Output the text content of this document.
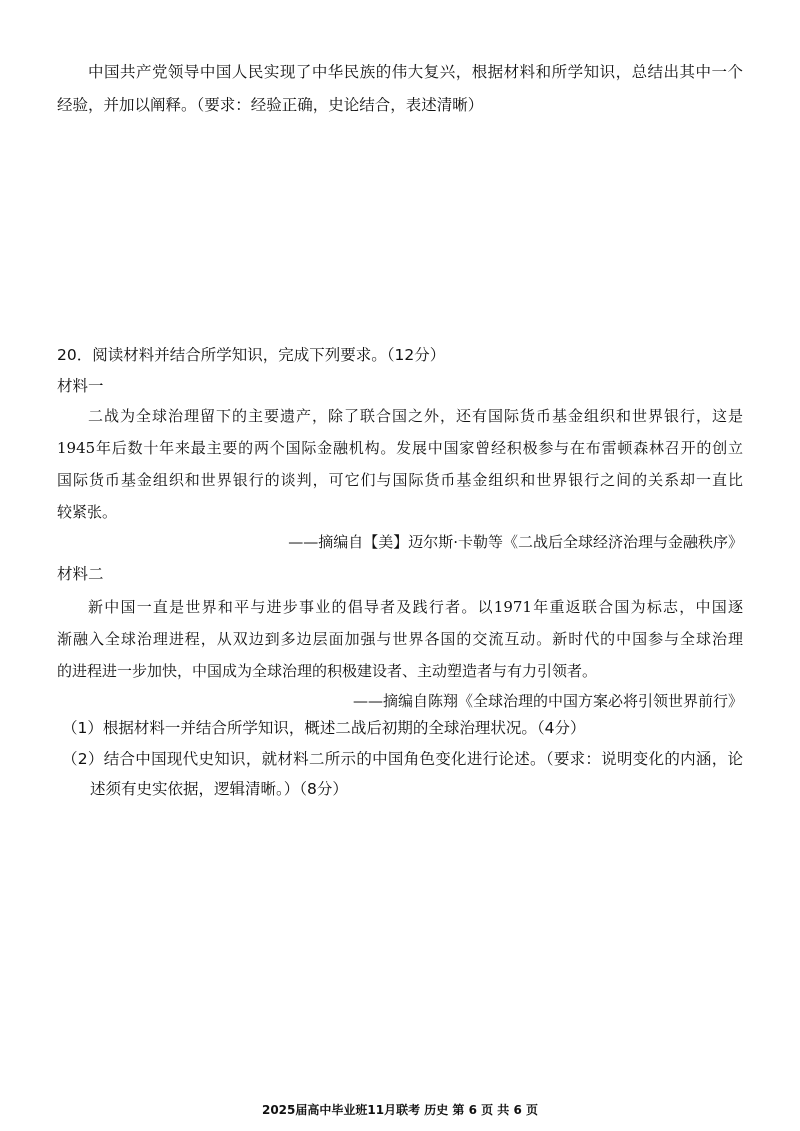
中国共产党领导中国人民实现了中华民族的伟大复兴，根据材料和所学知识，总结出其中一个
经验，并加以阐释。（要求：经验正确，史论结合，表述清晰）
20．阅读材料并结合所学知识，完成下列要求。（12分）
材料一
二战为全球治理留下的主要遗产，除了联合国之外，还有国际货币基金组织和世界银行，这是
1945年后数十年来最主要的两个国际金融机构。发展中国家曾经积极参与在布雷顿森林召开的创立
国际货币基金组织和世界银行的谈判，可它们与国际货币基金组织和世界银行之间的关系却一直比
较紧张。
——摘编自【美】迈尔斯·卡勒等《二战后全球经济治理与金融秩序》
材料二
新中国一直是世界和平与进步事业的倡导者及践行者。以1971年重返联合国为标志，中国逐
渐融入全球治理进程，从双边到多边层面加强与世界各国的交流互动。新时代的中国参与全球治理
的进程进一步加快，中国成为全球治理的积极建设者、主动塑造者与有力引领者。
——摘编自陈翔《全球治理的中国方案必将引领世界前行》
（1）根据材料一并结合所学知识，概述二战后初期的全球治理状况。（4分）
（2）结合中国现代史知识，就材料二所示的中国角色变化进行论述。（要求：说明变化的内涵，论
述须有史实依据，逻辑清晰。）（8分）
2025届高中毕业班11月联考 历史 第 6 页 共 6 页
